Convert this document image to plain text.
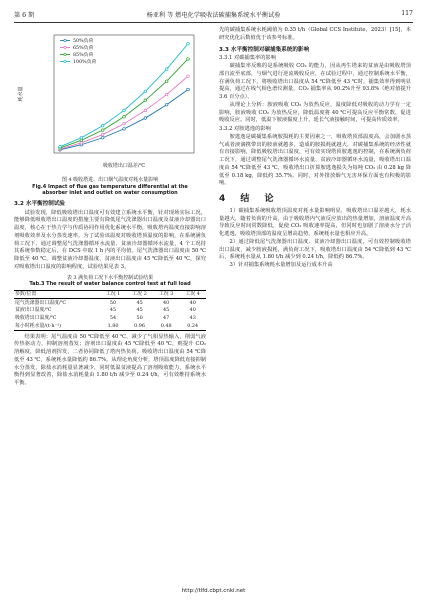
第 6 期	杨亚利 等 燃电化学吸收法碳捕集系统水平衡试验	117
耗水量
吸收塔出口温差/℃
50%负荷
65%负荷
85%负荷
100%负荷
图 4 吸收塔进、出口烟气温度对耗水量影响
Fig.4 Impact of flue gas temperature differential at the
absorber inlet and outlet on water consumption
3.2 水平衡控制试验

试验发现，降低吸收塔出口温度可有效建立系统水平衡，针对现场实际工况，能够降低吸收塔出口温度的措施主要有降低尾气洗涤器出口温度及贫液冷却器出口温度，核心在于热力学与传质协同作用优化系统水平衡，吸收塔内温度直接影响溶剂吸收效率及水分蒸发速率。为了试验该温度对吸收塔顶温度的影响，在系统满负荷工况下，通过调整尾气洗涤器循环水流量、贫液冷却器循环水流量，4 个工况持其系统参数稳定后，在 DCS 中取 1 h 内的平均值。尾气洗涤器出口温度由 50 ℃降低至 40 ℃，调整贫液冷却器温度，贫液出口温度由 45 ℃降低至 40 ℃，探究对吸收塔出口温度的影响程度，试验结果见表 3。

表 3 满负荷工况下水平衡控制试验结果
Tab.3 The result of water balance control test at full load
参数/位置	工况 1	工况 2	工况 3	工况 4
尾气洗涤器出口温度/℃	50	45	40	40
贫液出口温度/℃	45	45	45	40
吸收塔出口温度/℃	54	50	47	43
每小时耗水量/(t·h⁻¹)	1.80	0.96	0.48	0.24

结果表明：尾气温度由 50 ℃降低至 40 ℃，减少了气相显热输入，削弱气液传热驱动力，抑制溶剂蒸发；溶剂出口温度由 45 ℃降低至 40 ℃，则提升 CO₂ 溶解度，降低溶剂挥发，二者协同降低了塔内热负荷。吸收塔出口温度由 54 ℃降低至 43 ℃，系统耗水量降低约 86.7%。从理论角度分析，塔顶温度降低直接抑制水分蒸发，除盐水消耗量显著减少，同时低温贫液提高了溶剂吸收能力，系统水平衡得到显著改善，除盐水消耗量由 1.80 t/h 减少至 0.24 t/h，可有效维持系统水平衡。

先的碳捕集系统水耗阈值为 0.35 t/h（Global CCS Institute，2023）[15]，本研究优化后数值优于该参考标准。

3.3 水平衡控制对碳捕集系统的影响
3.3.1 对碳捕集率的影响

碳捕集率反映的是系统吸收 CO₂ 的能力，因从再生塔来的贫液是由吸收塔顶部自流至底部，与烟气进行逆流吸收反应，在试验过程中，通过控制系统水平衡，在满负荷工况下，将吸收塔出口温度从 54 ℃降低至 43 ℃时，捕集效率得到明显提高，通过在线气相色谱仪测量，CO₂ 捕集率从 90.2%升至 93.8%（绝对值提升 3.6 百分点）。

从理论上分析：胺液吸收 CO₂ 为放热反应，温度降低对吸收的动力学有一定影响，胺液吸收 CO₂ 为放热反应，降低温度将 40 ℃可提高反应平衡常数，促进吸收反应。同时，低温下胺液黏度上升，延长气液接触时间，可提高传质效率。

3.3.2 对胺逃逸的影响

胺逃逸是碳捕集系统胺损耗的主要因素之一，吸收塔顶部温度高，会加剧水蒸气或者液滴携带出的胺液就越多，造成的胺损耗就越大，对碳捕集系统的经济性就有直接影响，降低吸收塔出口温度，可有效实现塔顶胺逃逸的控制，在系统满负荷工况下，通过调整尾气洗涤器循环水流量、贫液冷却器循环水流量，吸收塔出口温度由 54 ℃降低至 43 ℃，吸收塔出口折算胺逃逸损失为每吨 CO₂ 由 0.28 kg 降低至 0.18 kg，降低约 35.7%。同时，对外排放烟气无害环保方面也有积极的影响。

4 结 论

1）碳捕集系统吸收塔顶温度对耗水量影响明显，吸收塔出口温差越大，耗水量越大，随着负荷的升高，由于吸收塔内气液反应放出的热量增加，溶液温度升高导致反应时间常数降低，促使 CO₂ 吸收速率提高，但同时也加剧了溶液水分子活化逃逸，吸收塔顶部的温度呈增高趋势，系统耗水量也相应升高。

2）通过降低尾气洗涤器出口温度、贫液冷却器出口温度，可有效控制吸收塔出口温度，减少胺液损耗，满负荷工况下，吸收塔出口温度由 54 ℃降低到 43 ℃后，系统耗水量从 1.80 t/h 减少到 0.24 t/h，降低约 86.7%。

3）针对捕集系统耗水量增加及运行成本升高

http://tlfd.cbpt.cnki.net
